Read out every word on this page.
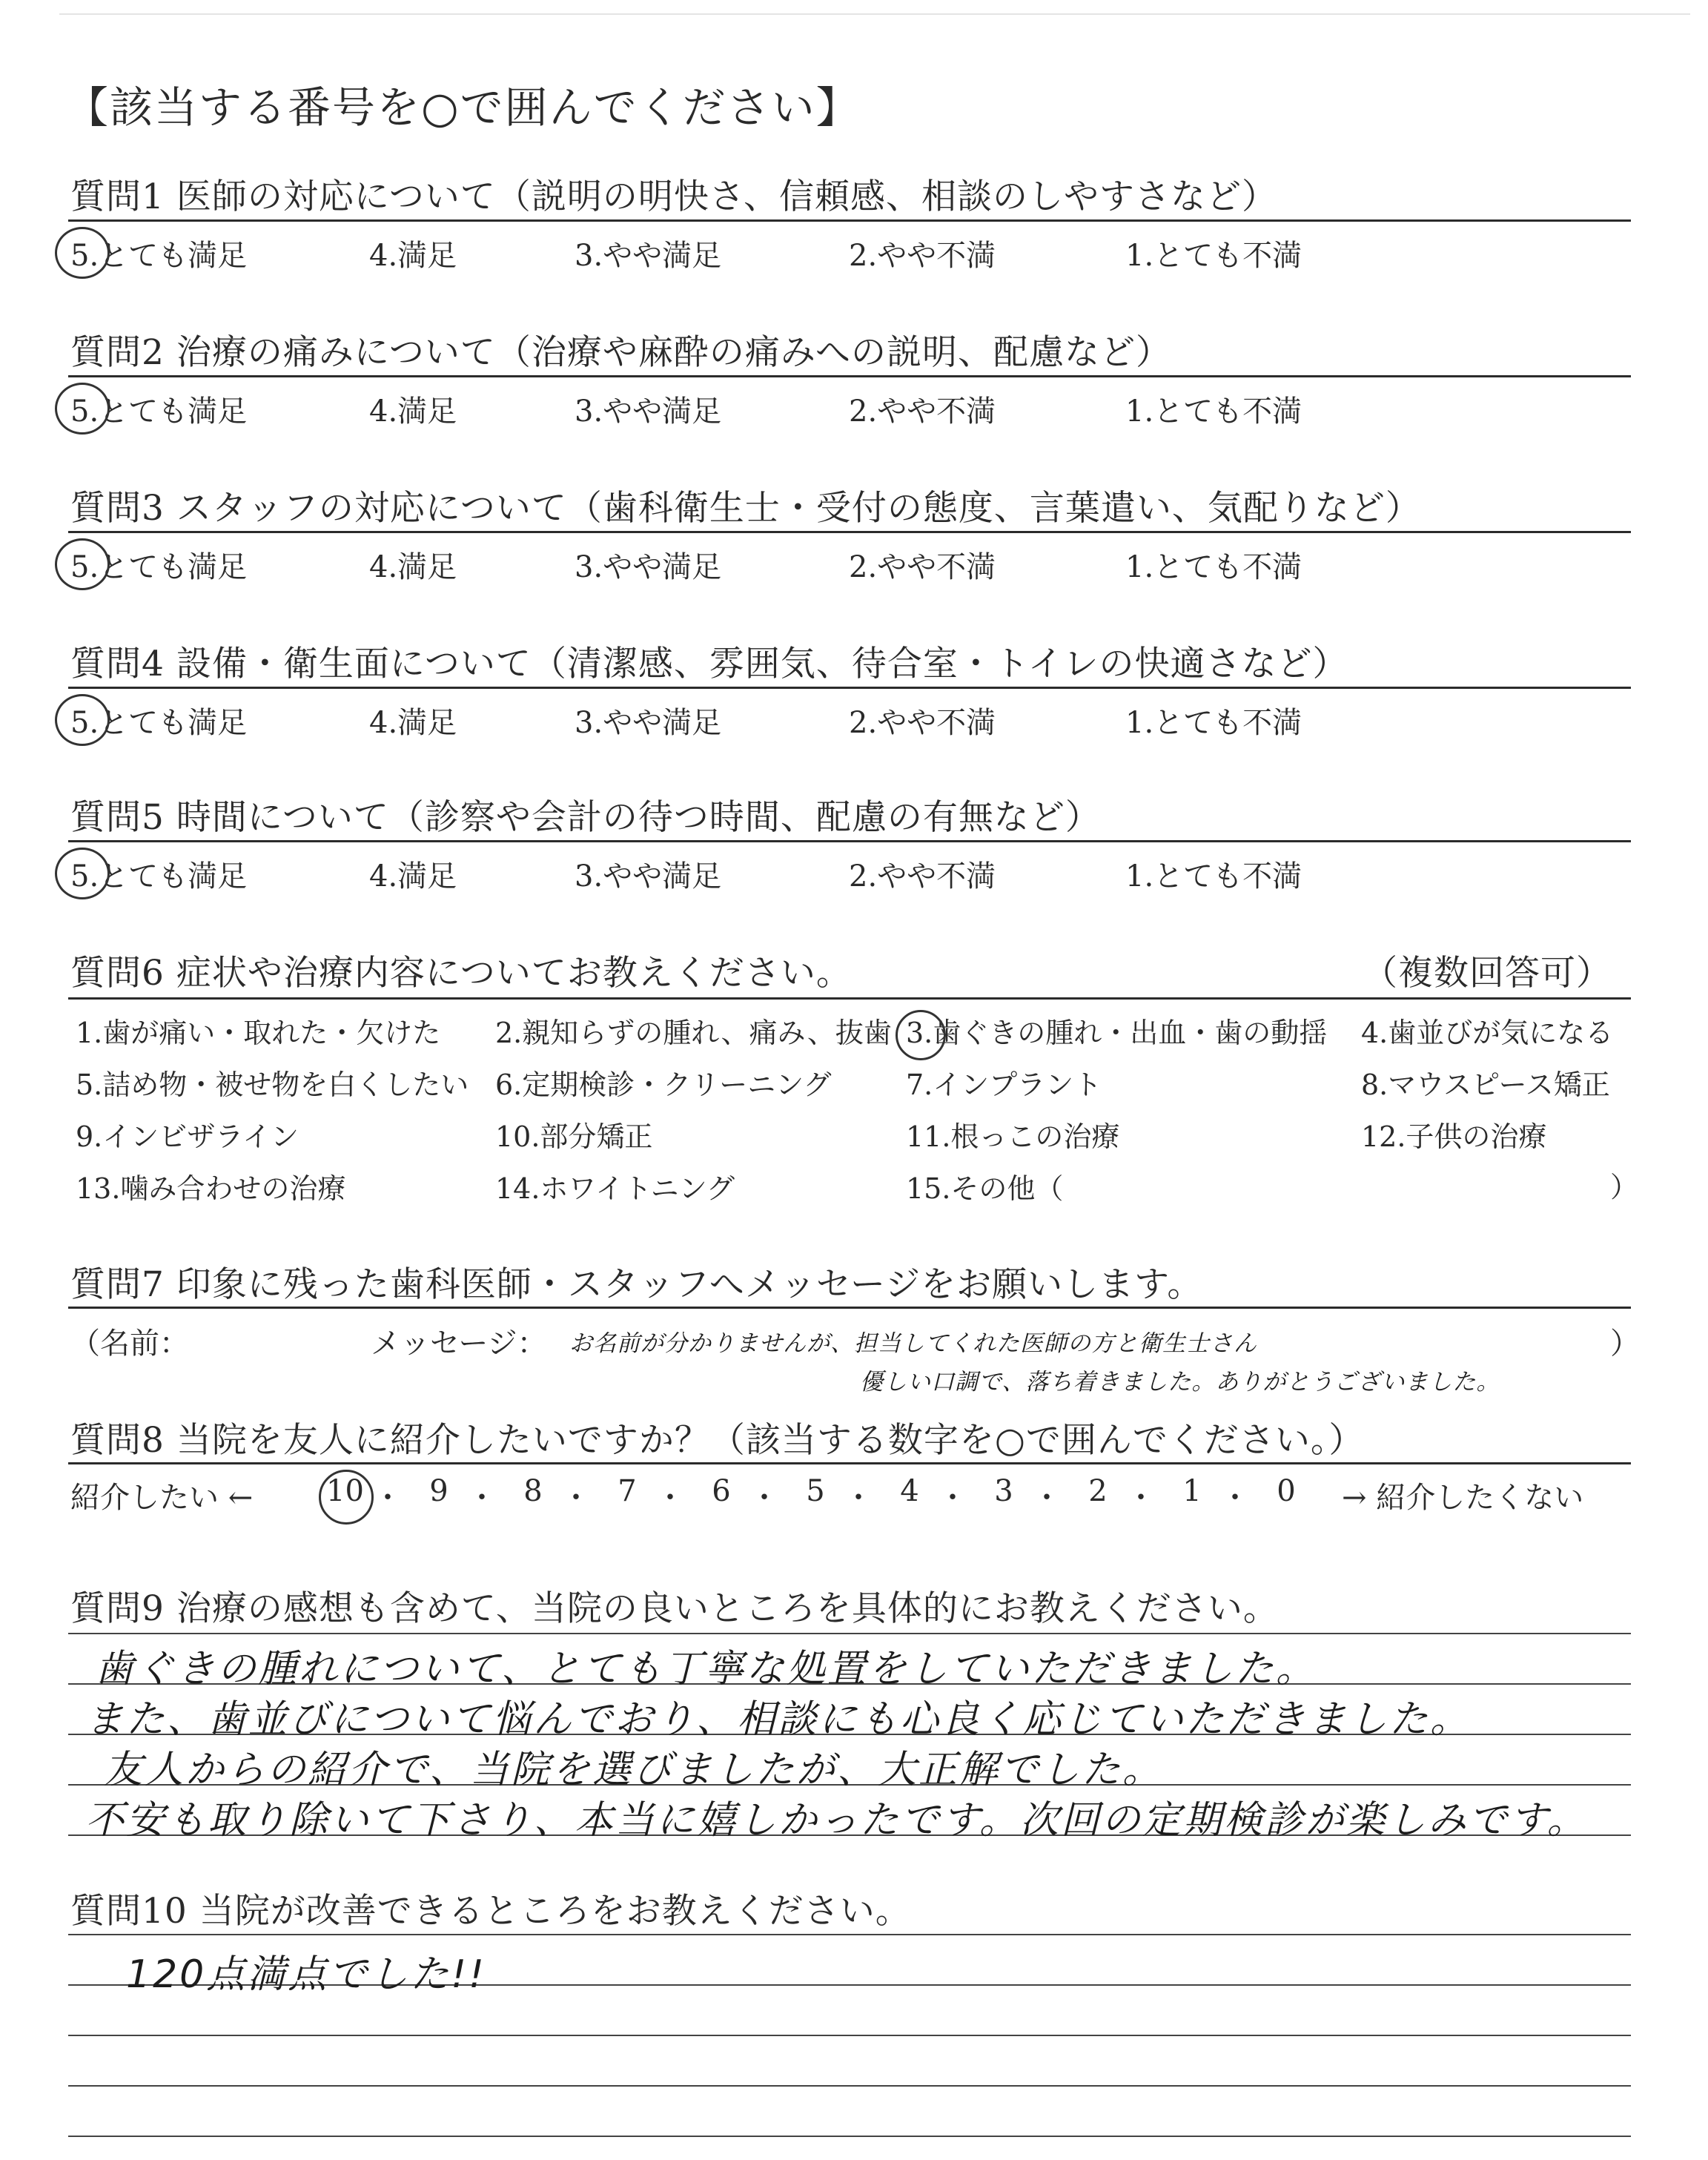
【該当する番号を○で囲んでください】
質問1 医師の対応について（説明の明快さ、信頼感、相談のしやすさなど）
5.とても満足	4.満足	3.やや満足	2.やや不満	1.とても不満
質問2 治療の痛みについて（治療や麻酔の痛みへの説明、配慮など）
5.とても満足	4.満足	3.やや満足	2.やや不満	1.とても不満
質問3 スタッフの対応について（歯科衛生士・受付の態度、言葉遣い、気配りなど）
5.とても満足	4.満足	3.やや満足	2.やや不満	1.とても不満
質問4 設備・衛生面について（清潔感、雰囲気、待合室・トイレの快適さなど）
5.とても満足	4.満足	3.やや満足	2.やや不満	1.とても不満
質問5 時間について（診察や会計の待つ時間、配慮の有無など）
5.とても満足	4.満足	3.やや満足	2.やや不満	1.とても不満
質問6 症状や治療内容についてお教えください。	（複数回答可）
1.歯が痛い・取れた・欠けた 2.親知らずの腫れ、痛み、抜歯 3.歯ぐきの腫れ・出血・歯の動揺 4.歯並びが気になる
5.詰め物・被せ物を白くしたい 6.定期検診・クリーニング	7.インプラント	8.マウスピース矯正
9.インビザライン	10.部分矯正	11.根っこの治療	12.子供の治療
13.噛み合わせの治療	14.ホワイトニング	15.その他（	）
質問7 印象に残った歯科医師・スタッフへメッセージをお願いします。
（名前：	メッセージ：	）
お名前が分かりませんが、担当してくれた医師の方と衛生士さん
優しい口調で、落ち着きました。ありがとうございました。
質問8 当院を友人に紹介したいですか？（該当する数字を○で囲んでください。）
紹介したい ← 10 ・ 9 ・ 8 ・ 7 ・ 6 ・ 5 ・ 4 ・ 3 ・ 2 ・ 1 ・ 0	→ 紹介したくない
質問9 治療の感想も含めて、当院の良いところを具体的にお教えください。
歯ぐきの腫れについて、とても丁寧な処置をしていただきました。
また、歯並びについて悩んでおり、相談にも心良く応じていただきました。
友人からの紹介で、当院を選びましたが、大正解でした。
不安も取り除いて下さり、本当に嬉しかったです。次回の定期検診が楽しみです。
質問10 当院が改善できるところをお教えください。
120点満点でした!!
